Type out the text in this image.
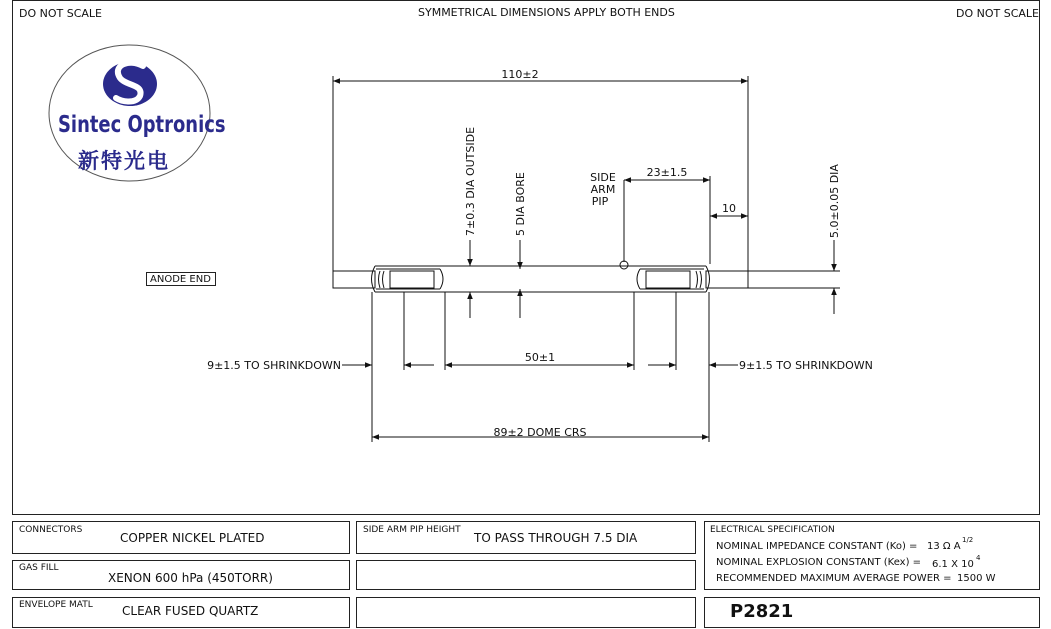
DO NOT SCALE	SYMMETRICAL DIMENSIONS APPLY BOTH ENDS	DO NOT SCALE
Sintec Optronics
新特光电
110±2
23±1.5
10
SIDE
ARM
PIP
7±0.3 DIA OUTSIDE	5 DIA BORE	5.0±0.05 DIA
50±1
9±1.5 TO SHRINKDOWN	9±1.5 TO SHRINKDOWN
89±2 DOME CRS
ANODE END
CONNECTORS
COPPER NICKEL PLATED
GAS FILL
XENON 600 hPa (450TORR)
ENVELOPE MATL CLEAR FUSED QUARTZ
SIDE ARM PIP HEIGHT
TO PASS THROUGH 7.5 DIA
ELECTRICAL SPECIFICATION
NOMINAL IMPEDANCE CONSTANT (Ko) = 13 Ω A
1/2
NOMINAL EXPLOSION CONSTANT (Kex) = 6.1 X 10
4
RECOMMENDED MAXIMUM AVERAGE POWER = 1500 W
P2821
